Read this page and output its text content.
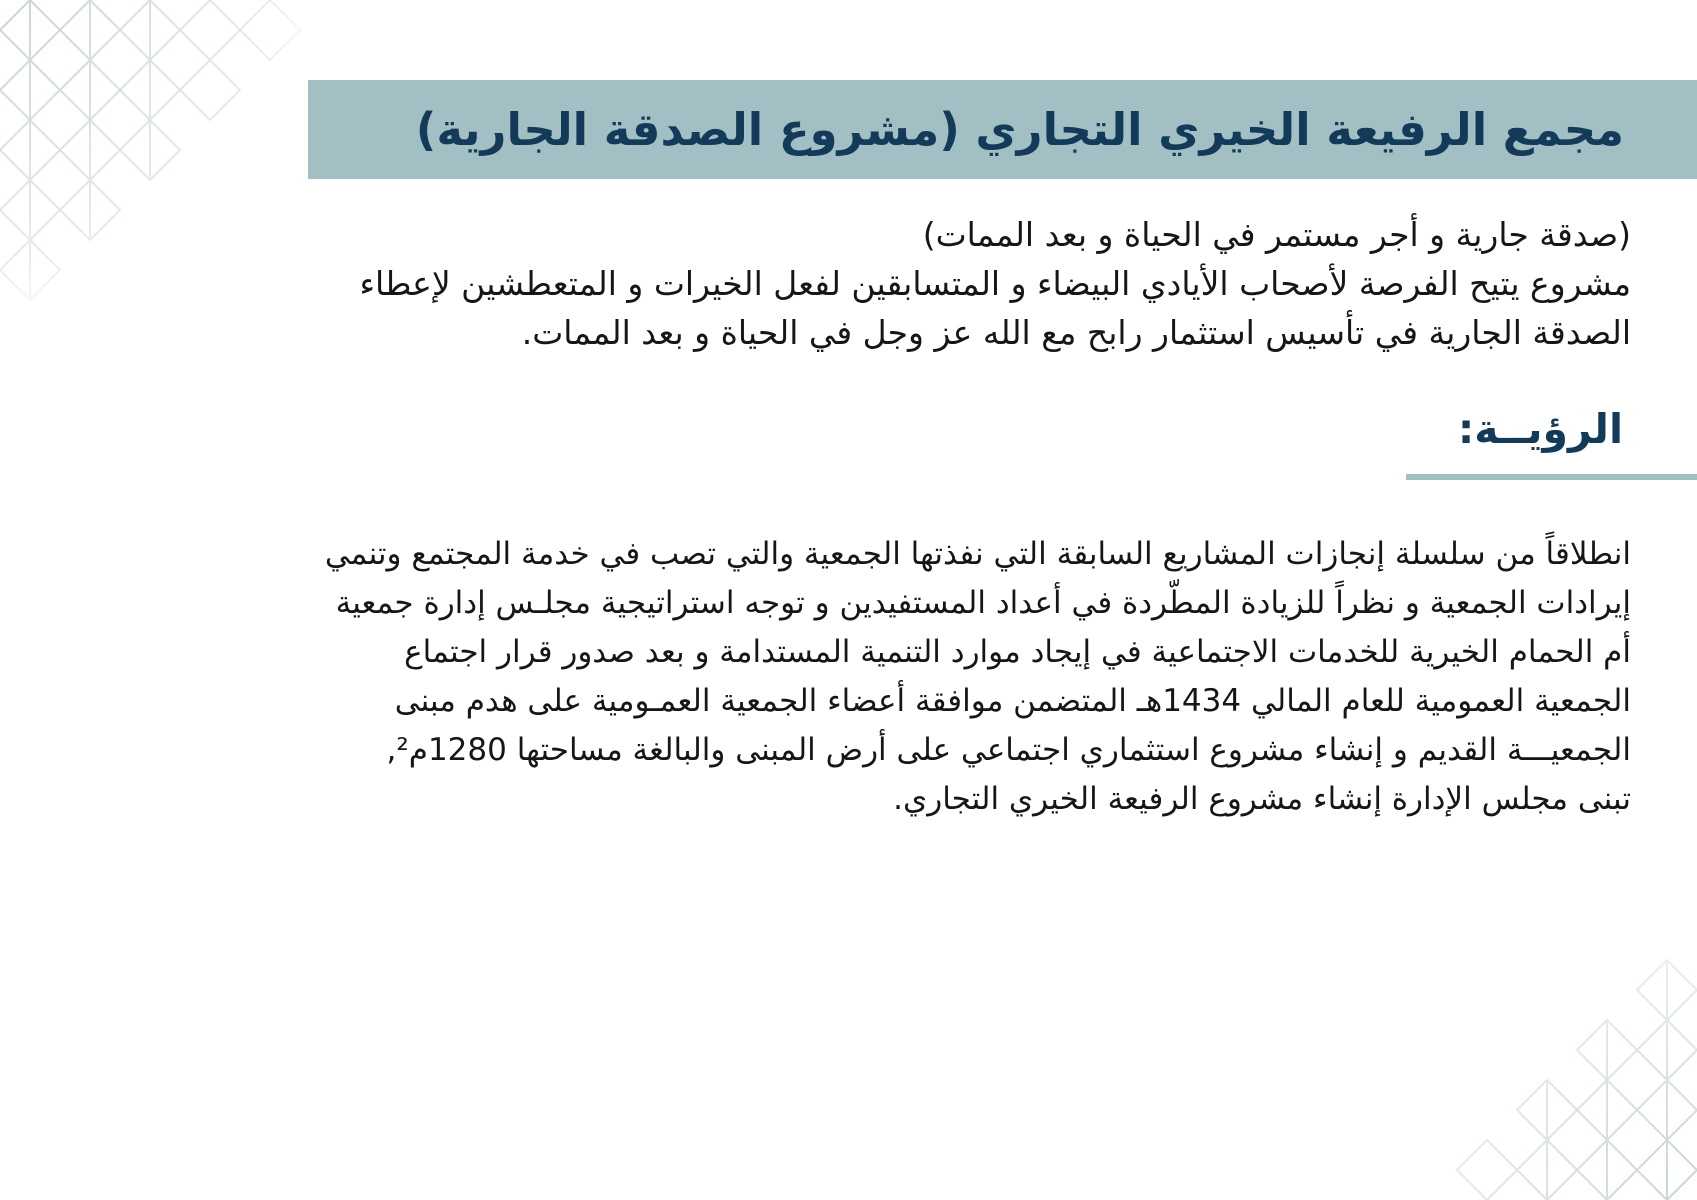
مجمع الرفيعة الخيري التجاري (مشروع الصدقة الجارية)
(صدقة جارية و أجر مستمر في الحياة و بعد الممات)
مشروع يتيح الفرصة لأصحاب الأيادي البيضاء و المتسابقين لفعل الخيرات و المتعطشين لإعطاء
الصدقة الجارية في تأسيس استثمار رابح مع الله عز وجل في الحياة و بعد الممات.
الرؤيــة:
انطلاقاً من سلسلة إنجازات المشاريع السابقة التي نفذتها الجمعية والتي تصب في خدمة المجتمع وتنمي
إيرادات الجمعية و نظراً للزيادة المطّردة في أعداد المستفيدين و توجه استراتيجية مجلـس إدارة جمعية
أم الحمام الخيرية للخدمات الاجتماعية في إيجاد موارد التنمية المستدامة و بعد صدور قرار اجتماع
الجمعية العمومية للعام المالي 1434هـ المتضمن موافقة أعضاء الجمعية العمـومية على هدم مبنى
الجمعيـــة القديم و إنشاء مشروع استثماري اجتماعي على أرض المبنى والبالغة مساحتها 1280م²,
تبنى مجلس الإدارة إنشاء مشروع الرفيعة الخيري التجاري.
